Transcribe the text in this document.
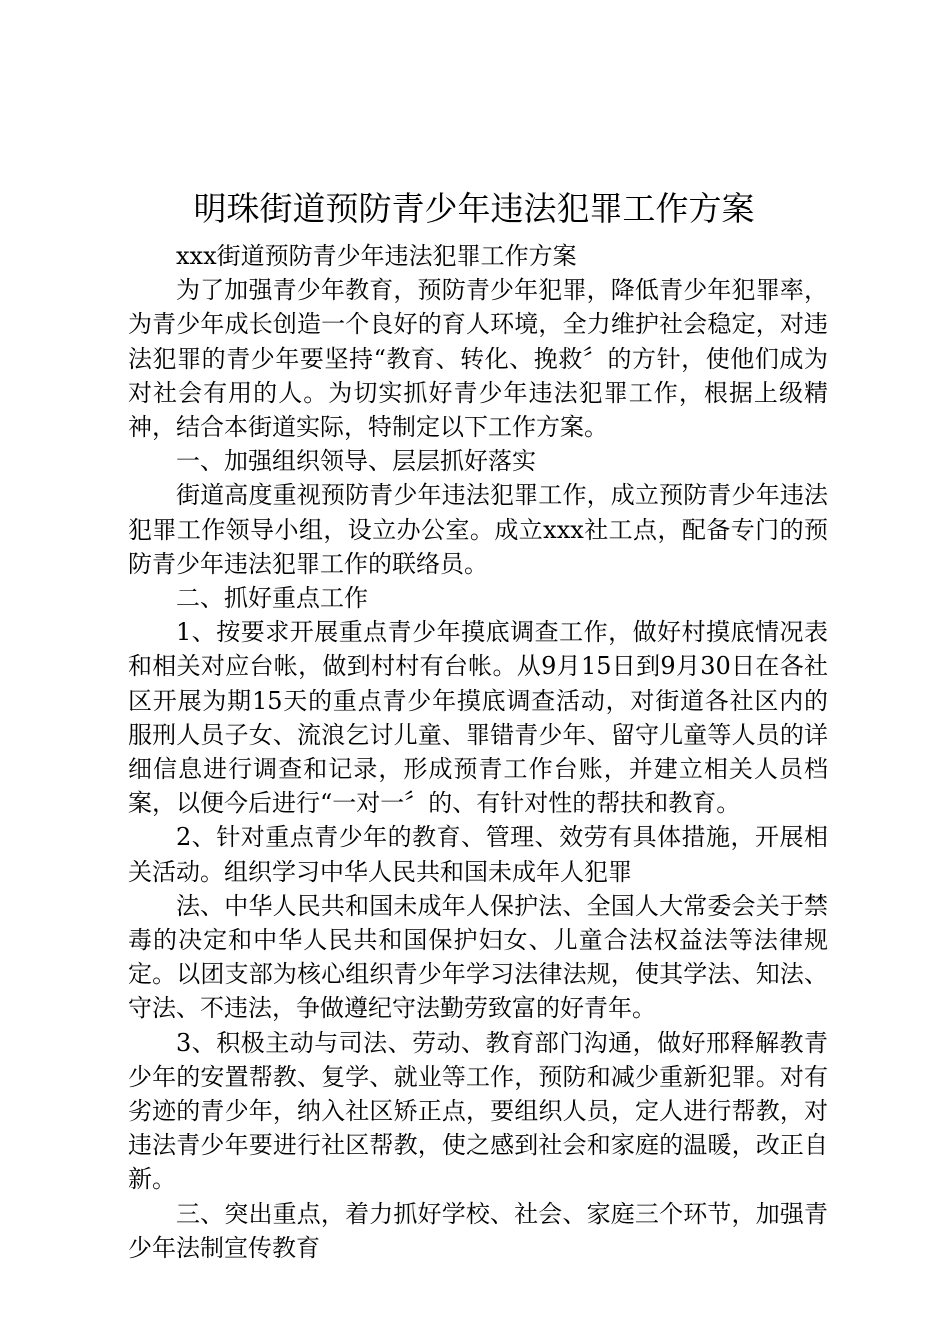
明珠街道预防青少年违法犯罪工作方案

xxx街道预防青少年违法犯罪工作方案

为了加强青少年教育，预防青少年犯罪，降低青少年犯罪率，为青少年成长创造一个良好的育人环境，全力维护社会稳定，对违法犯罪的青少年要坚持“教育、转化、挽救〞的方针，使他们成为对社会有用的人。为切实抓好青少年违法犯罪工作，根据上级精神，结合本街道实际，特制定以下工作方案。

一、加强组织领导、层层抓好落实

街道高度重视预防青少年违法犯罪工作，成立预防青少年违法犯罪工作领导小组，设立办公室。成立xxx社工点，配备专门的预防青少年违法犯罪工作的联络员。

二、抓好重点工作

1、按要求开展重点青少年摸底调查工作，做好村摸底情况表和相关对应台帐，做到村村有台帐。从9月15日到9月30日在各社区开展为期15天的重点青少年摸底调查活动，对街道各社区内的服刑人员子女、流浪乞讨儿童、罪错青少年、留守儿童等人员的详细信息进行调查和记录，形成预青工作台账，并建立相关人员档案，以便今后进行“一对一〞的、有针对性的帮扶和教育。

2、针对重点青少年的教育、管理、效劳有具体措施，开展相关活动。组织学习中华人民共和国未成年人犯罪

法、中华人民共和国未成年人保护法、全国人大常委会关于禁毒的决定和中华人民共和国保护妇女、儿童合法权益法等法律规定。以团支部为核心组织青少年学习法律法规，使其学法、知法、守法、不违法，争做遵纪守法勤劳致富的好青年。

3、积极主动与司法、劳动、教育部门沟通，做好邢释解教青少年的安置帮教、复学、就业等工作，预防和减少重新犯罪。对有劣迹的青少年，纳入社区矫正点，要组织人员，定人进行帮教，对违法青少年要进行社区帮教，使之感到社会和家庭的温暖，改正自新。

三、突出重点，着力抓好学校、社会、家庭三个环节，加强青少年法制宣传教育
